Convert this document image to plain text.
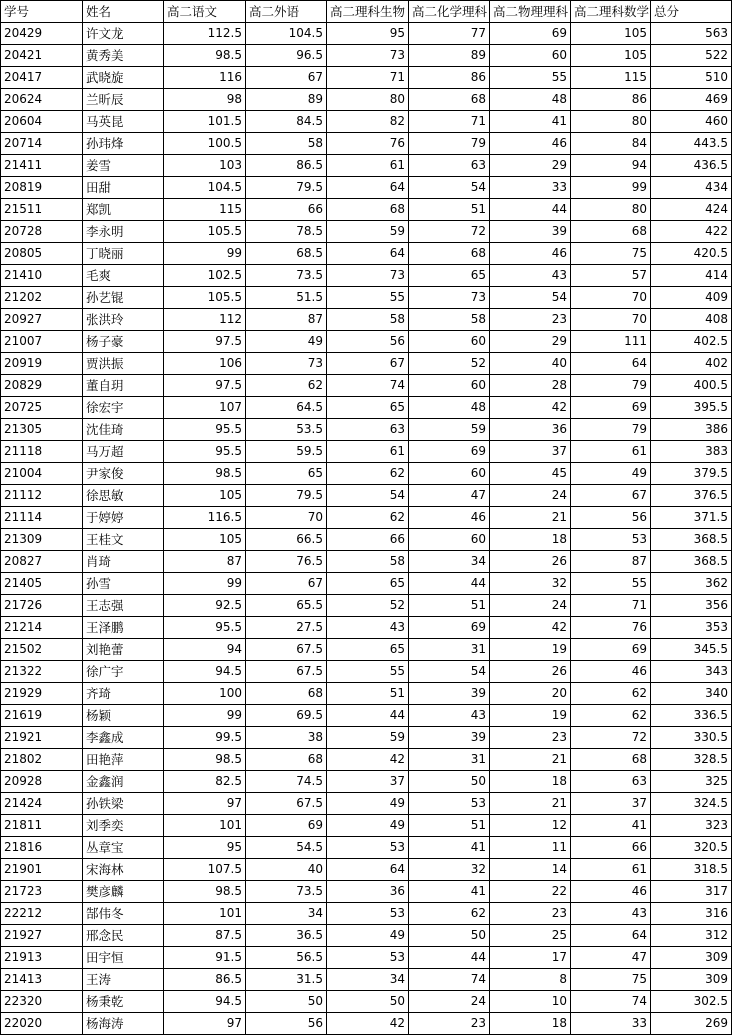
学号	姓名	高二语文	高二外语	高二理科生物	高二化学理科	高二物理理科	高二理科数学	总分
20429	许文龙	112.5	104.5	95	77	69	105	563
20421	黄秀美	98.5	96.5	73	89	60	105	522
20417	武晓旋	116	67	71	86	55	115	510
20624	兰昕辰	98	89	80	68	48	86	469
20604	马英昆	101.5	84.5	82	71	41	80	460
20714	孙玮烽	100.5	58	76	79	46	84	443.5
21411	姜雪	103	86.5	61	63	29	94	436.5
20819	田甜	104.5	79.5	64	54	33	99	434
21511	郑凯	115	66	68	51	44	80	424
20728	李永明	105.5	78.5	59	72	39	68	422
20805	丁晓丽	99	68.5	64	68	46	75	420.5
21410	毛爽	102.5	73.5	73	65	43	57	414
21202	孙艺锟	105.5	51.5	55	73	54	70	409
20927	张洪玲	112	87	58	58	23	70	408
21007	杨子豪	97.5	49	56	60	29	111	402.5
20919	贾洪振	106	73	67	52	40	64	402
20829	董自玥	97.5	62	74	60	28	79	400.5
20725	徐宏宇	107	64.5	65	48	42	69	395.5
21305	沈佳琦	95.5	53.5	63	59	36	79	386
21118	马万超	95.5	59.5	61	69	37	61	383
21004	尹家俊	98.5	65	62	60	45	49	379.5
21112	徐思敏	105	79.5	54	47	24	67	376.5
21114	于婷婷	116.5	70	62	46	21	56	371.5
21309	王桂文	105	66.5	66	60	18	53	368.5
20827	肖琦	87	76.5	58	34	26	87	368.5
21405	孙雪	99	67	65	44	32	55	362
21726	王志强	92.5	65.5	52	51	24	71	356
21214	王泽鹏	95.5	27.5	43	69	42	76	353
21502	刘艳蕾	94	67.5	65	31	19	69	345.5
21322	徐广宇	94.5	67.5	55	54	26	46	343
21929	齐琦	100	68	51	39	20	62	340
21619	杨颖	99	69.5	44	43	19	62	336.5
21921	李鑫成	99.5	38	59	39	23	72	330.5
21802	田艳萍	98.5	68	42	31	21	68	328.5
20928	金鑫润	82.5	74.5	37	50	18	63	325
21424	孙铁梁	97	67.5	49	53	21	37	324.5
21811	刘季奕	101	69	49	51	12	41	323
21816	丛章宝	95	54.5	53	41	11	66	320.5
21901	宋海林	107.5	40	64	32	14	61	318.5
21723	樊彦麟	98.5	73.5	36	41	22	46	317
22212	郜伟冬	101	34	53	62	23	43	316
21927	邢念民	87.5	36.5	49	50	25	64	312
21913	田宇恒	91.5	56.5	53	44	17	47	309
21413	王涛	86.5	31.5	34	74	8	75	309
22320	杨秉乾	94.5	50	50	24	10	74	302.5
22020	杨海涛	97	56	42	23	18	33	269
